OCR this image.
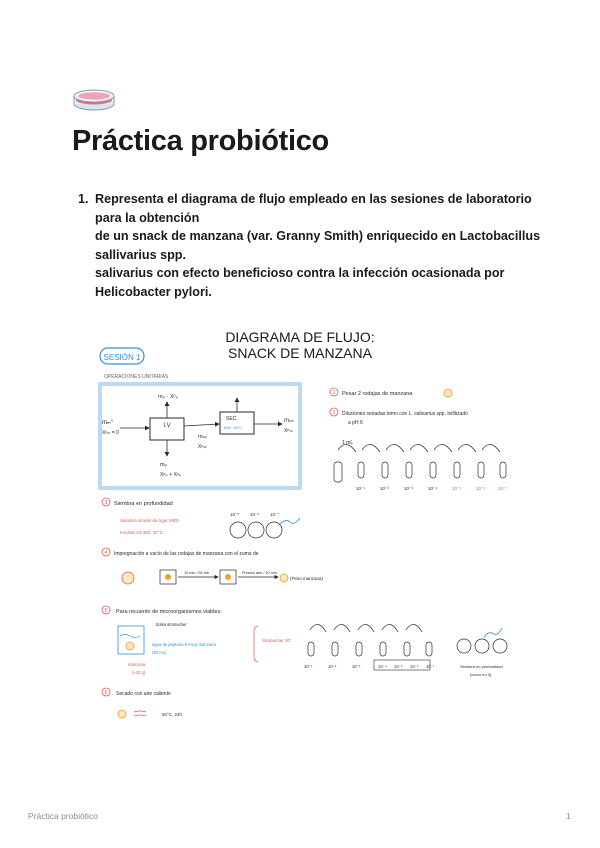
Práctica probiótico
1. Representa el diagrama de flujo empleado en las sesiones de laboratorio
para la obtención
de un snack de manzana (var. Granny Smith) enriquecido en Lactobacillus
sallivarius spp.
salivarius con efecto beneficioso contra la infección ocasionada por
Helicobacter pylori.
DIAGRAMA DE FLUJO:
SNACK DE MANZANA
SESIÓN 1
OPERACIONES UNITARIAS
I.V
SEC.
50% - 80°C
mₘ°
Xᵖₘ = 0
mₚ · Xᵖₚ
mₘᵢ
Xᵖₘᵢ
mₚ
Xᵖᵢₛ + Xᵖₚ
mₛₙ
Xᵖₛₙ
1 Pesar 2 rodajas de manzana
2 Diluciones seriadas tomo con L. salivarius spp. liofilizado
a pH 6
1 mL
10⁻¹	10⁻²	10⁻³	10⁻⁴	10⁻⁵	10⁻⁶	10⁻⁷
3 Siembra en profundidad
Siembra simple de Agar MRS
Incubar 24-48h, 37°C
10⁻⁵ 10⁻⁶ 10⁻⁷
4 Impregnación a vacío de las rodajas de manzana con el zumo de
10 min / 50 mb	Presión atm / 10 min
(Peso manzana)
5 Para recuento de microorganismos viables:
bolsa stomacher
agua de peptona 9 mL/g manzana
(90 mL)
manzana
(≈10 g)
Stomacher 30'
10⁻¹	10⁻²	10⁻³	10⁻⁴ 10⁻⁵ 10⁻⁶ 10⁻⁷	Siembra en profundidad
(como en 3)
6 Secado con aire caliente
50°C, 24h
Práctica probiótico	1
